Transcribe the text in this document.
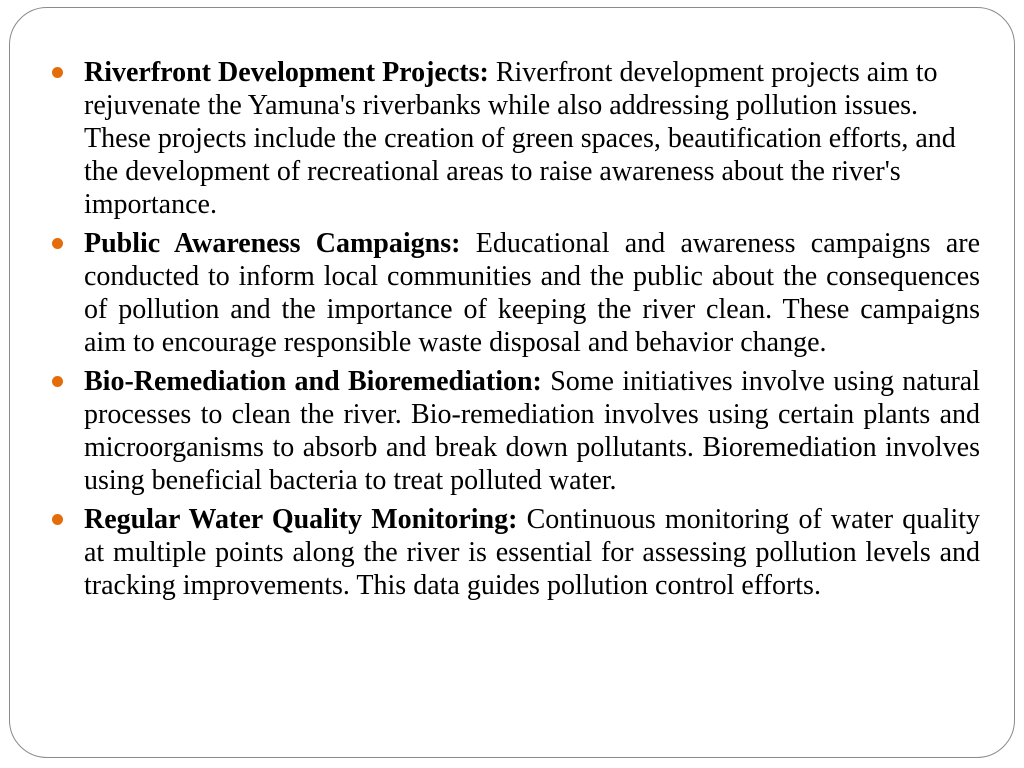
Riverfront Development Projects: Riverfront development projects aim to rejuvenate the Yamuna's riverbanks while also addressing pollution issues. These projects include the creation of green spaces, beautification efforts, and the development of recreational areas to raise awareness about the river's importance.
Public Awareness Campaigns: Educational and awareness campaigns are conducted to inform local communities and the public about the consequences of pollution and the importance of keeping the river clean. These campaigns aim to encourage responsible waste disposal and behavior change.
Bio-Remediation and Bioremediation: Some initiatives involve using natural processes to clean the river. Bio-remediation involves using certain plants and microorganisms to absorb and break down pollutants. Bioremediation involves using beneficial bacteria to treat polluted water.
Regular Water Quality Monitoring: Continuous monitoring of water quality at multiple points along the river is essential for assessing pollution levels and tracking improvements. This data guides pollution control efforts.
